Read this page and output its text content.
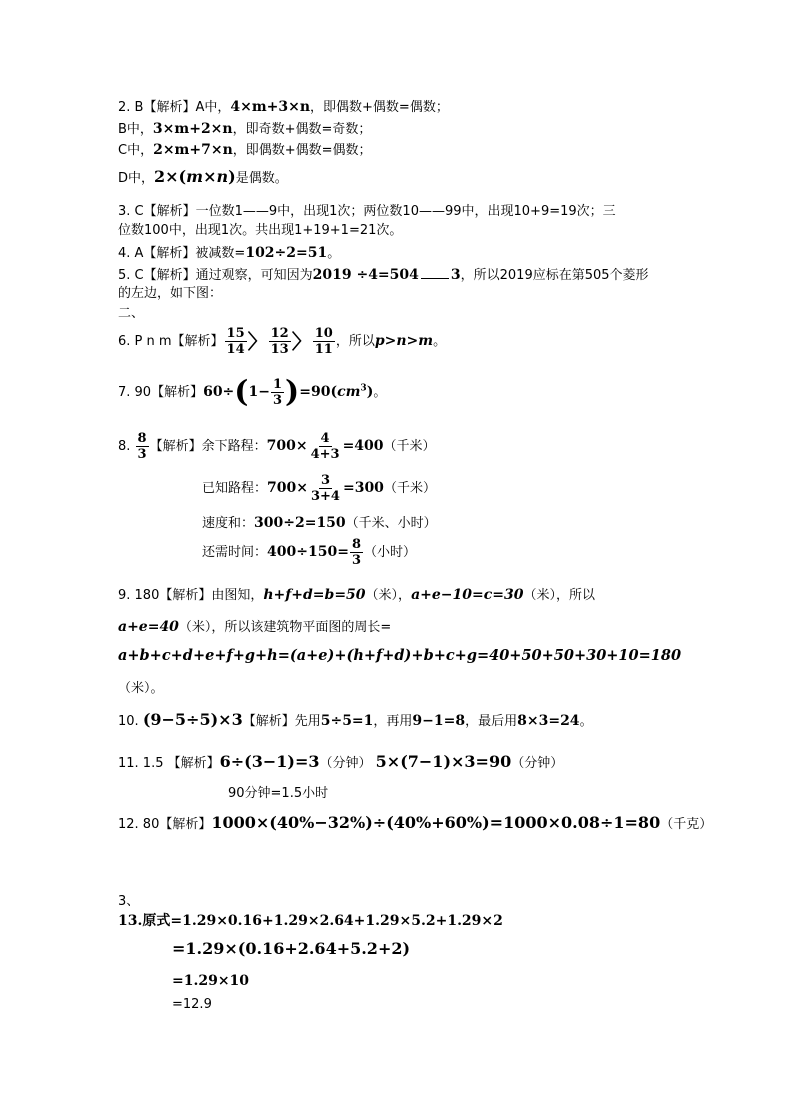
2. B【解析】A中，4×m+3×n，即偶数+偶数=偶数；
B中，3×m+2×n，即奇数+偶数=奇数；
C中，2×m+7×n，即偶数+偶数=偶数；
D中，2×(m×n)是偶数。
3. C【解析】一位数1——9中，出现1次；两位数10——99中，出现10+9=19次；三
位数100中，出现1次。共出现1+19+1=21次。
4. A【解析】被减数=102÷2=51。
5. C【解析】通过观察，可知因为2019 ÷4=504 3，所以2019应标在第505个菱形
的左边，如下图：
二、
6. P n m【解析】 $\frac{15}{14}$ 〉 $\frac{12}{13}$ 〉 $\frac{10}{11}$ ，所以p>n>m。
7. 90【解析】$60\div(1- \frac{1}{3} )=90(cm^3)$。
8. $\frac{8}{3}$ 【解析】余下路程：$700\times \frac{4}{4+3} =400$（千米）
已知路程：$700\times \frac{3}{3+4} =300$（千米）
速度和：300÷2=150（千米、小时）
还需时间：$400\div 150= \frac{8}{3}$ （小时）
9. 180【解析】由图知，h+f+d=b=50（米），a+e−10=c=30（米），所以
a+e=40（米），所以该建筑物平面图的周长=
a+b+c+d+e+f+g+h=(a+e)+(h+f+d)+b+c+g=40+50+50+30+10=180
（米）。
10. (9−5÷5)×3【解析】先用5÷5=1，再用9−1=8，最后用8×3=24。
11. 1.5 【解析】6÷(3−1)=3（分钟） 5×(7−1)×3=90（分钟）
90分钟=1.5小时
12. 80【解析】1000×(40%−32%)÷(40%+60%)=1000×0.08÷1=80（千克）
3、
13.原式=1.29×0.16+1.29×2.64+1.29×5.2+1.29×2
=1.29×(0.16+2.64+5.2+2)
=1.29×10
=12.9
